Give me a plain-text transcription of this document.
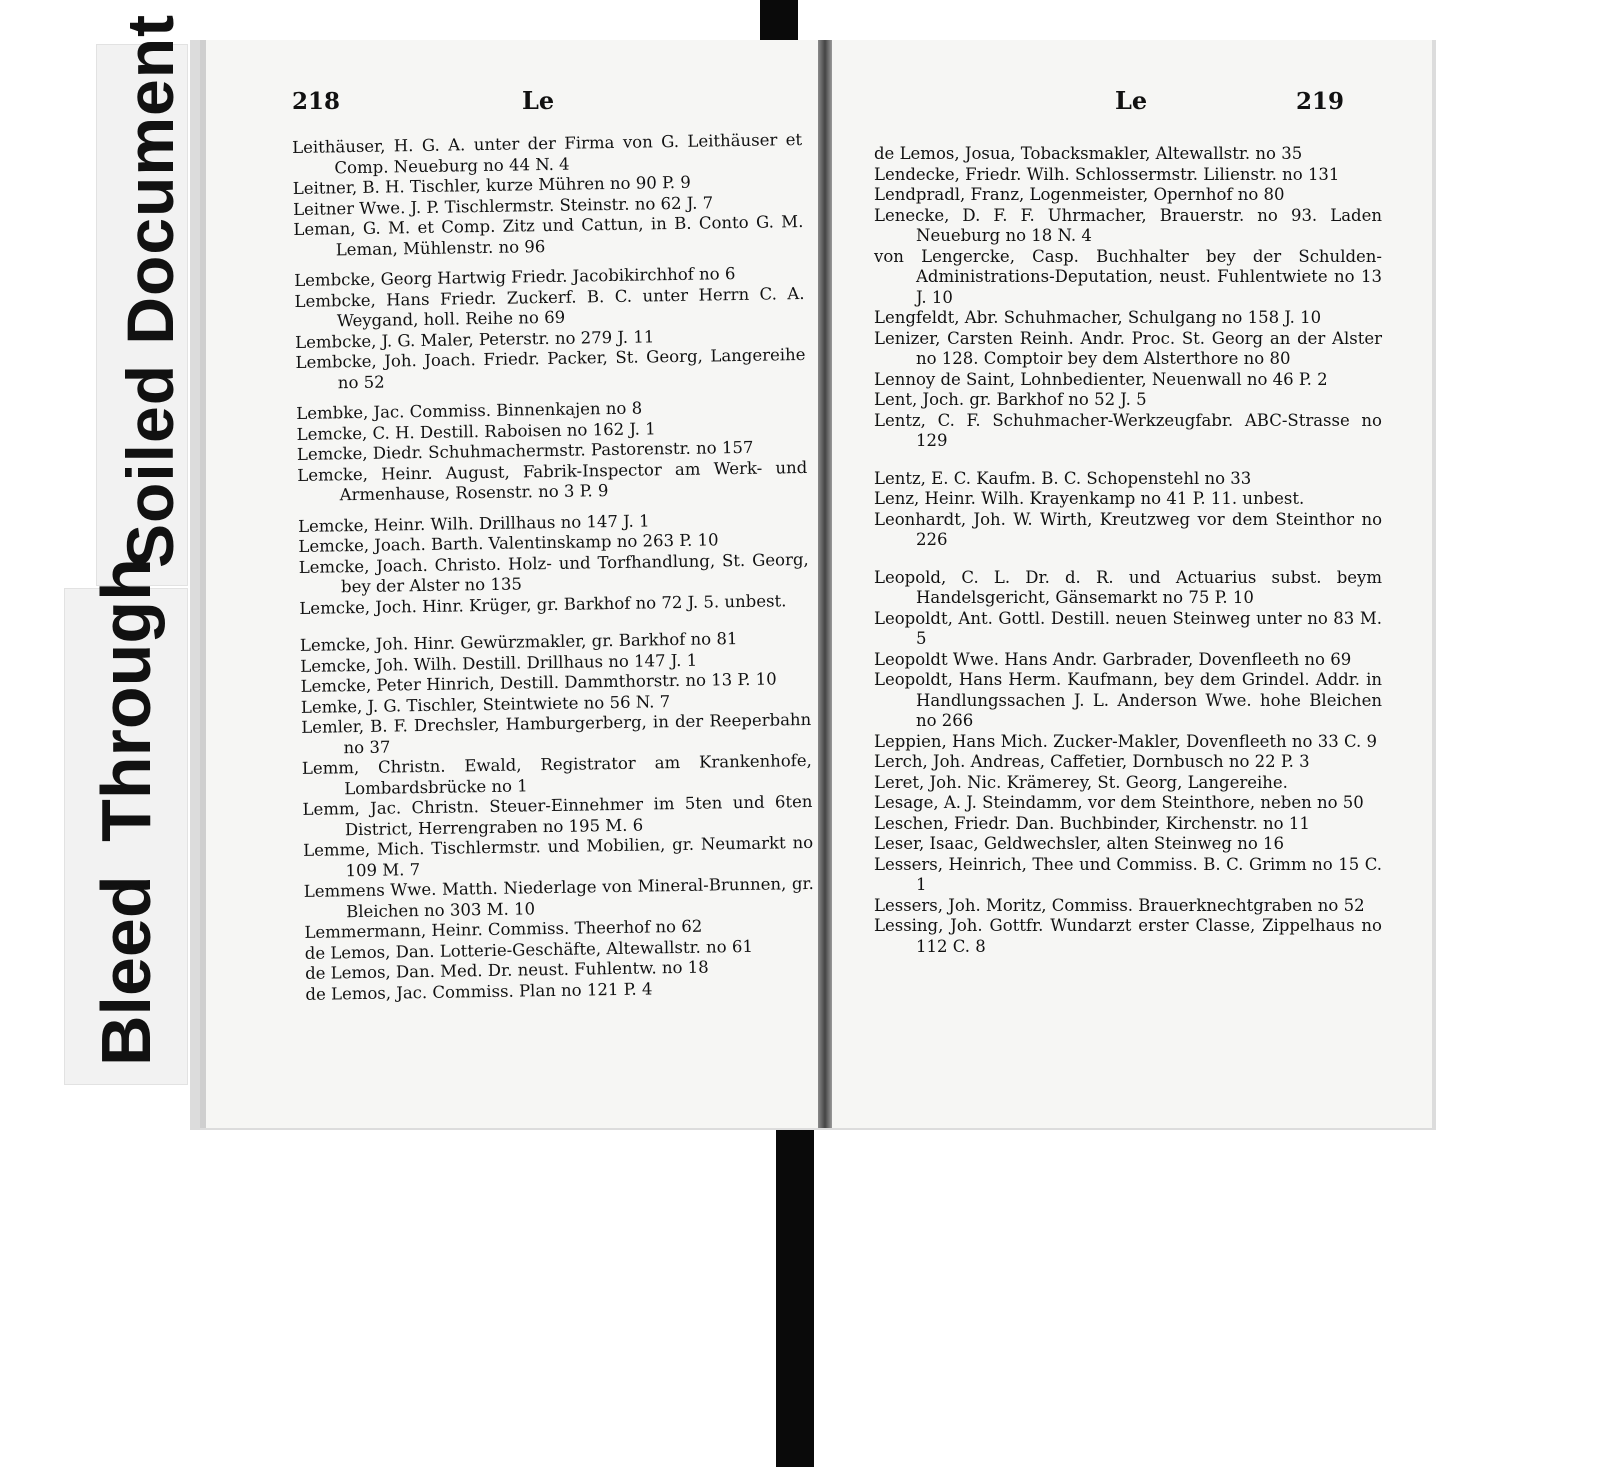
Soiled Document
Bleed Through
218	Le
Leithäuser, H. G. A. unter der Firma von G. Leithäuser et Comp. Neueburg no 44 N. 4
Leitner, B. H. Tischler, kurze Mühren no 90 P. 9
Leitner Wwe. J. P. Tischlermstr. Steinstr. no 62 J. 7
Leman, G. M. et Comp. Zitz und Cattun, in B. Conto G. M. Leman, Mühlenstr. no 96
Lembcke, Georg Hartwig Friedr. Jacobikirchhof no 6
Lembcke, Hans Friedr. Zuckerf. B. C. unter Herrn C. A. Weygand, holl. Reihe no 69
Lembcke, J. G. Maler, Peterstr. no 279 J. 11
Lembcke, Joh. Joach. Friedr. Packer, St. Georg, Langereihe no 52
Lembke, Jac. Commiss. Binnenkajen no 8
Lemcke, C. H. Destill. Raboisen no 162 J. 1
Lemcke, Diedr. Schuhmachermstr. Pastorenstr. no 157
Lemcke, Heinr. August, Fabrik-Inspector am Werk- und Armenhause, Rosenstr. no 3 P. 9
Lemcke, Heinr. Wilh. Drillhaus no 147 J. 1
Lemcke, Joach. Barth. Valentinskamp no 263 P. 10
Lemcke, Joach. Christo. Holz- und Torfhandlung, St. Georg, bey der Alster no 135
Lemcke, Joch. Hinr. Krüger, gr. Barkhof no 72 J. 5. unbest.
Lemcke, Joh. Hinr. Gewürzmakler, gr. Barkhof no 81
Lemcke, Joh. Wilh. Destill. Drillhaus no 147 J. 1
Lemcke, Peter Hinrich, Destill. Dammthorstr. no 13 P. 10
Lemke, J. G. Tischler, Steintwiete no 56 N. 7
Lemler, B. F. Drechsler, Hamburgerberg, in der Reeperbahn no 37
Lemm, Christn. Ewald, Registrator am Krankenhofe, Lombardsbrücke no 1
Lemm, Jac. Christn. Steuer-Einnehmer im 5ten und 6ten District, Herrengraben no 195 M. 6
Lemme, Mich. Tischlermstr. und Mobilien, gr. Neumarkt no 109 M. 7
Lemmens Wwe. Matth. Niederlage von Mineral-Brunnen, gr. Bleichen no 303 M. 10
Lemmermann, Heinr. Commiss. Theerhof no 62
de Lemos, Dan. Lotterie-Geschäfte, Altewallstr. no 61
de Lemos, Dan. Med. Dr. neust. Fuhlentw. no 18
de Lemos, Jac. Commiss. Plan no 121 P. 4
Le	219
de Lemos, Josua, Tobacksmakler, Altewallstr. no 35
Lendecke, Friedr. Wilh. Schlossermstr. Lilienstr. no 131
Lendpradl, Franz, Logenmeister, Opernhof no 80
Lenecke, D. F. F. Uhrmacher, Brauerstr. no 93. Laden Neueburg no 18 N. 4
von Lengercke, Casp. Buchhalter bey der Schulden-Administrations-Deputation, neust. Fuhlentwiete no 13 J. 10
Lengfeldt, Abr. Schuhmacher, Schulgang no 158 J. 10
Lenizer, Carsten Reinh. Andr. Proc. St. Georg an der Alster no 128. Comptoir bey dem Alsterthore no 80
Lennoy de Saint, Lohnbedienter, Neuenwall no 46 P. 2
Lent, Joch. gr. Barkhof no 52 J. 5
Lentz, C. F. Schuhmacher-Werkzeugfabr. ABC-Strasse no 129
Lentz, E. C. Kaufm. B. C. Schopenstehl no 33
Lenz, Heinr. Wilh. Krayenkamp no 41 P. 11. unbest.
Leonhardt, Joh. W. Wirth, Kreutzweg vor dem Steinthor no 226
Leopold, C. L. Dr. d. R. und Actuarius subst. beym Handelsgericht, Gänsemarkt no 75 P. 10
Leopoldt, Ant. Gottl. Destill. neuen Steinweg unter no 83 M. 5
Leopoldt Wwe. Hans Andr. Garbrader, Dovenfleeth no 69
Leopoldt, Hans Herm. Kaufmann, bey dem Grindel. Addr. in Handlungssachen J. L. Anderson Wwe. hohe Bleichen no 266
Leppien, Hans Mich. Zucker-Makler, Dovenfleeth no 33 C. 9
Lerch, Joh. Andreas, Caffetier, Dornbusch no 22 P. 3
Leret, Joh. Nic. Krämerey, St. Georg, Langereihe.
Lesage, A. J. Steindamm, vor dem Steinthore, neben no 50
Leschen, Friedr. Dan. Buchbinder, Kirchenstr. no 11
Leser, Isaac, Geldwechsler, alten Steinweg no 16
Lessers, Heinrich, Thee und Commiss. B. C. Grimm no 15 C. 1
Lessers, Joh. Moritz, Commiss. Brauerknechtgraben no 52
Lessing, Joh. Gottfr. Wundarzt erster Classe, Zippelhaus no 112 C. 8
